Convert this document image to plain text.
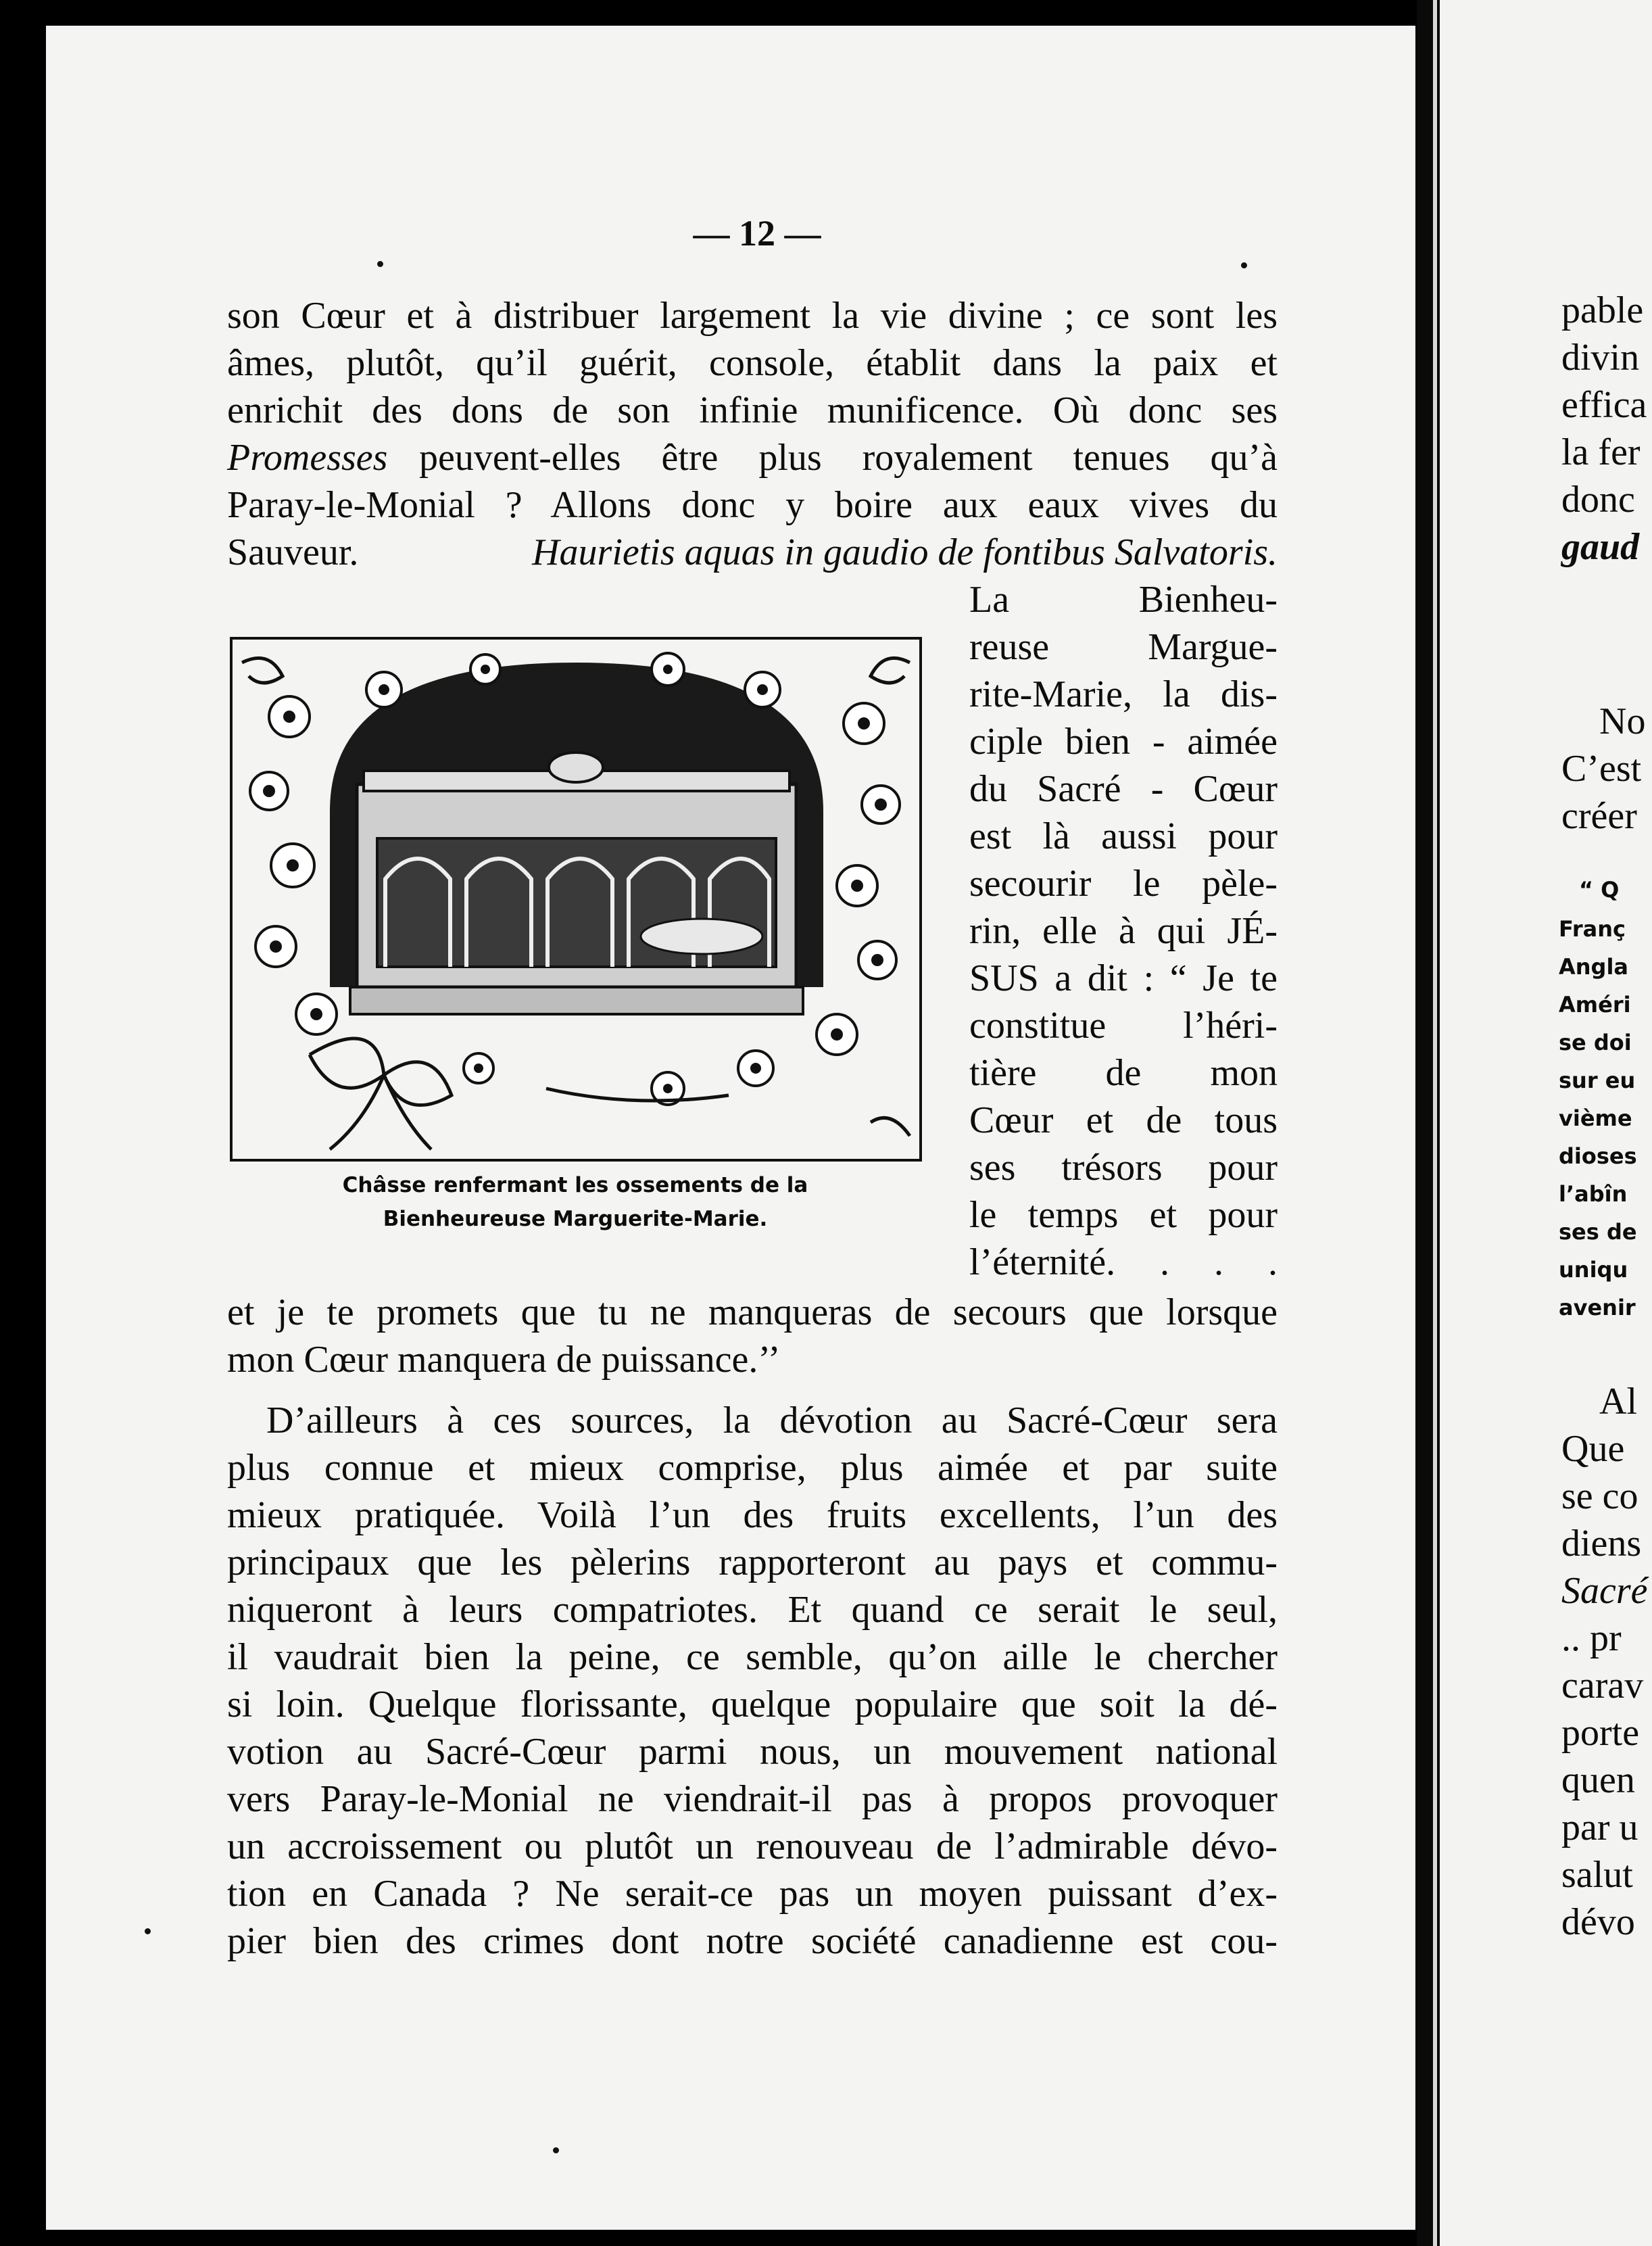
— 12 —
son Cœur et à distribuer largement la vie divine ; ce sont les
âmes, plutôt, qu’il guérit, console, établit dans la paix et
enrichit des dons de son infinie munificence. Où donc ses
Promesses peuvent-elles être plus royalement tenues qu’à
Paray-le-Monial ? Allons donc y boire aux eaux vives du
Sauveur.	Haurietis aquas in gaudio de fontibus Salvatoris.
La Bienheu-
reuse Margue-
rite-Marie, la dis-
ciple bien - aimée
du Sacré - Cœur
est là aussi pour
secourir le pèle-
rin, elle à qui JÉ-
SUS a dit : “ Je te
constitue l’héri-
tière de mon
Cœur et de tous
ses trésors pour
le temps et pour
l’éternité. . . .
Châsse renfermant les ossements de la
Bienheureuse Marguerite-Marie.
et je te promets que tu ne manqueras de secours que lorsque
mon Cœur manquera de puissance.’’
D’ailleurs à ces sources, la dévotion au Sacré-Cœur sera
plus connue et mieux comprise, plus aimée et par suite
mieux pratiquée. Voilà l’un des fruits excellents, l’un des
principaux que les pèlerins rapporteront au pays et commu-
niqueront à leurs compatriotes. Et quand ce serait le seul,
il vaudrait bien la peine, ce semble, qu’on aille le chercher
si loin. Quelque florissante, quelque populaire que soit la dé-
votion au Sacré-Cœur parmi nous, un mouvement national
vers Paray-le-Monial ne viendrait-il pas à propos provoquer
un accroissement ou plutôt un renouveau de l’admirable dévo-
tion en Canada ? Ne serait-ce pas un moyen puissant d’ex-
pier bien des crimes dont notre société canadienne est cou-
pable
divin
effica
la fer
donc
gaud
No
C’est
créer
“ Q
Franç
Angla
Améri
se doi
sur eu
vième
dioses
l’abîn
ses de
uniqu
avenir
Al
Que
se co
diens
Sacré
.. pr
carav
porte
quen
par u
salut
dévo
